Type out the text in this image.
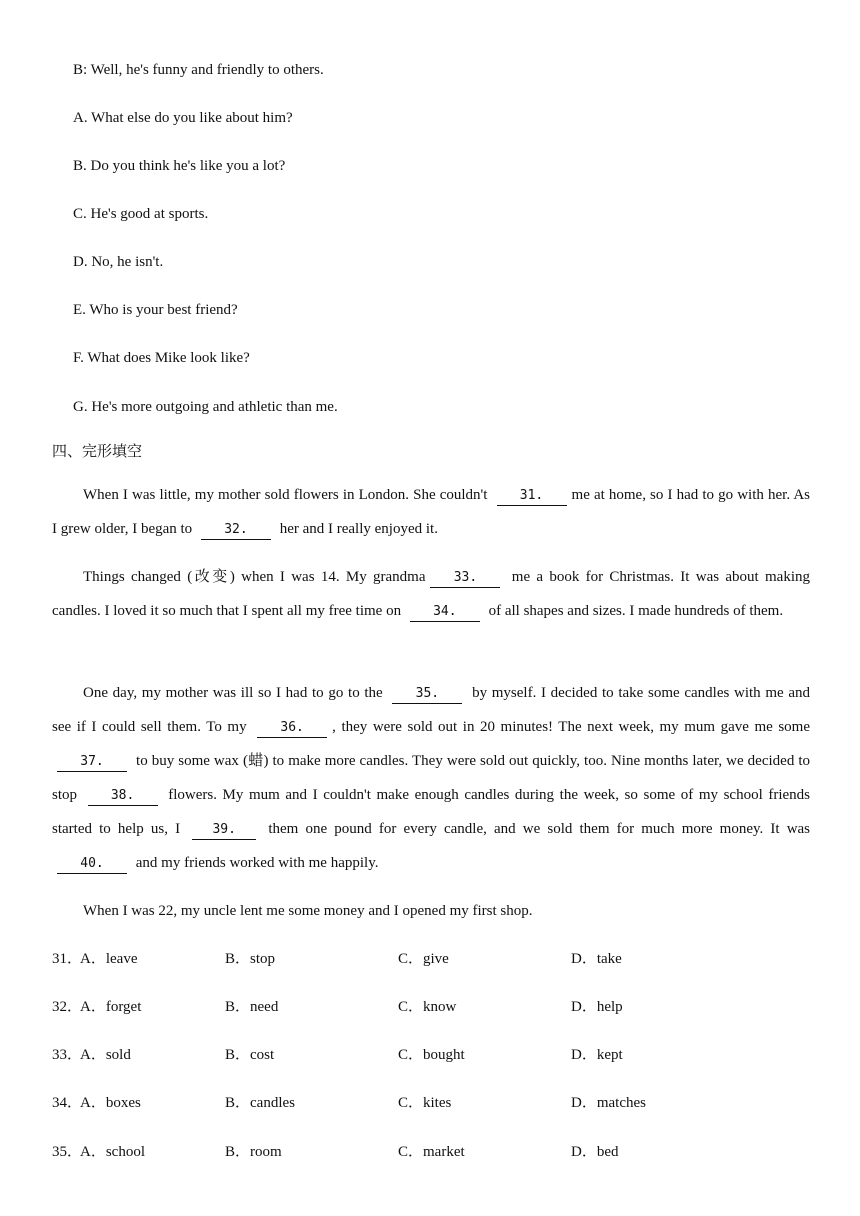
B: Well, he's funny and friendly to others.
A. What else do you like about him?
B. Do you think he's like you a lot?
C. He's good at sports.
D. No, he isn't.
E. Who is your best friend?
F. What does Mike look like?
G. He's more outgoing and athletic than me.
四、完形填空
When I was little, my mother sold flowers in London. She couldn't 31. me at home, so I had to go with her. As I grew older, I began to 32. her and I really enjoyed it.
Things changed (改变) when I was 14. My grandma 33. me a book for Christmas. It was about making candles. I loved it so much that I spent all my free time on 34. of all shapes and sizes. I made hundreds of them.
One day, my mother was ill so I had to go to the	35. by myself. I decided to take some candles with me and see if I could sell them. To my	36. , they were sold out in 20 minutes! The next week, my mum gave me some 37. to buy some wax (蜡) to make more candles. They were sold out quickly, too. Nine months later, we decided to stop	38. flowers. My mum and I couldn't make enough candles during the week, so some of my school friends started to help us, I 39. them one pound for every candle, and we sold them for much more money. It was 40. and my friends worked with me happily.
When I was 22, my uncle lent me some money and I opened my first shop.
31．
A．leave	B．stop	C．give	D．take
32．
A．forget	B．need	C．know	D．help
33．
A．sold	B．cost	C．bought	D．kept
34．
A．boxes	B．candles	C．kites	D．matches
35．
A．school	B．room	C．market	D．bed
